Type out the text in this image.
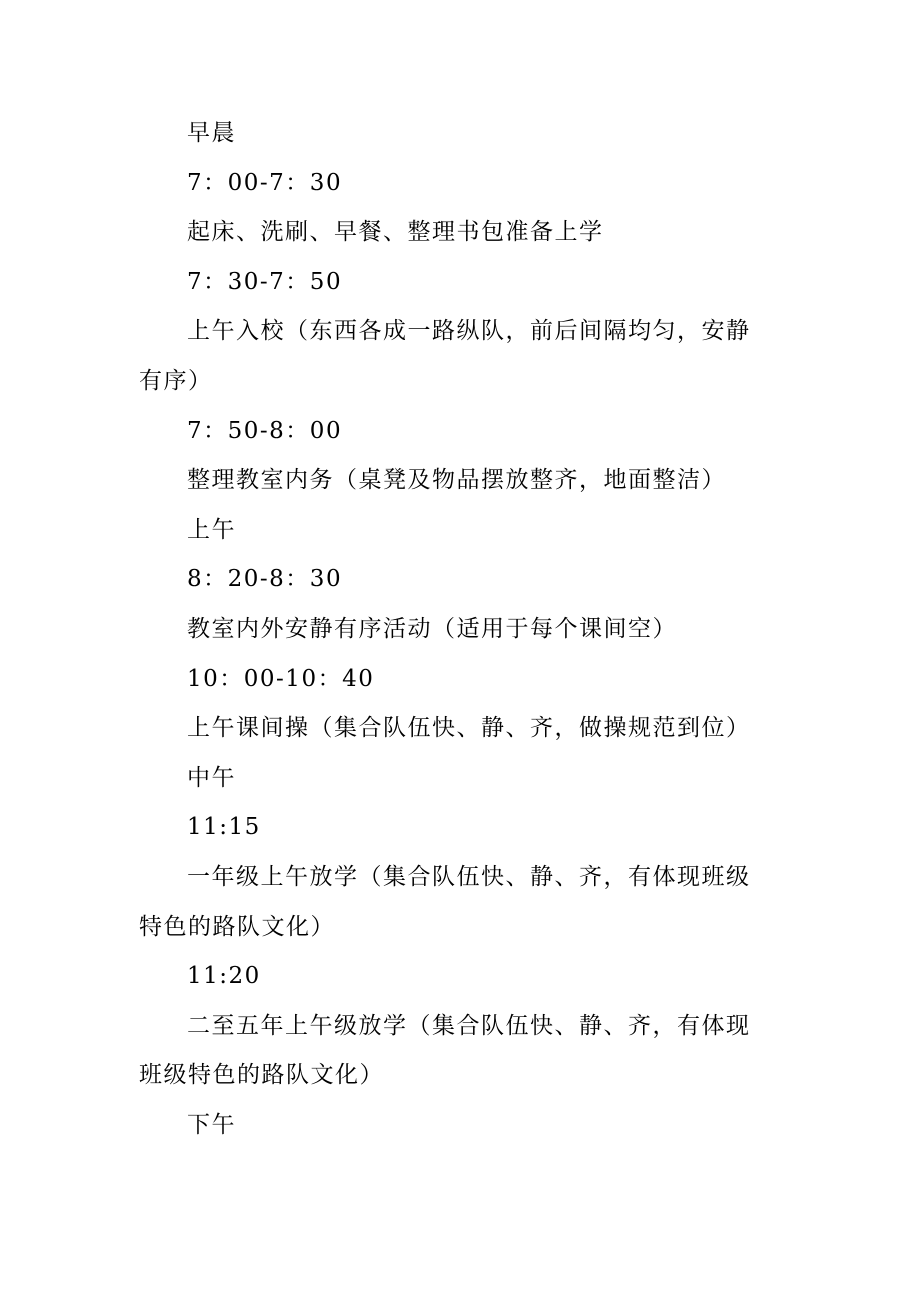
早晨

7：00-7：30

起床、洗刷、早餐、整理书包准备上学

7：30-7：50

上午入校（东西各成一路纵队，前后间隔均匀，安静有序）

7：50-8：00

整理教室内务（桌凳及物品摆放整齐，地面整洁）

上午

8：20-8：30

教室内外安静有序活动（适用于每个课间空）

10：00-10：40

上午课间操（集合队伍快、静、齐，做操规范到位）

中午

11:15

一年级上午放学（集合队伍快、静、齐，有体现班级特色的路队文化）

11:20

二至五年上午级放学（集合队伍快、静、齐，有体现班级特色的路队文化）

下午
